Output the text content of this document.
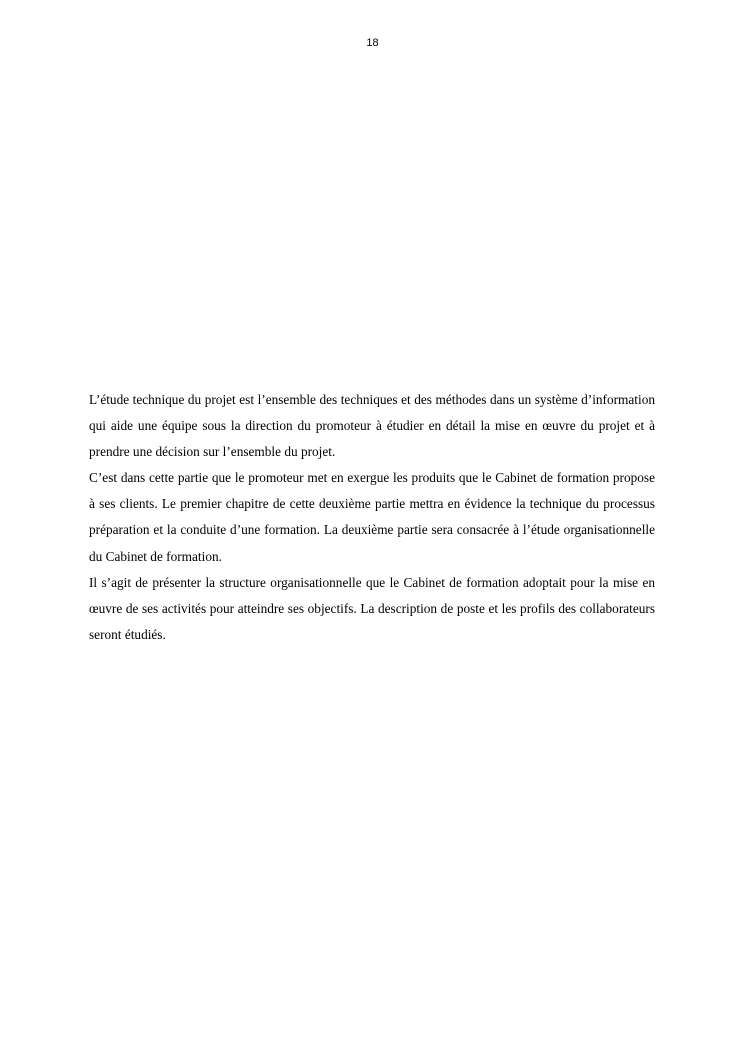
18

L’étude technique du projet est l’ensemble des techniques et des méthodes dans un système d’information qui aide une équipe sous la direction du promoteur à étudier en détail la mise en œuvre du projet et à prendre une décision sur l’ensemble du projet.

C’est dans cette partie que le promoteur met en exergue les produits que le Cabinet de formation propose à ses clients. Le premier chapitre de cette deuxième partie mettra en évidence la technique du processus préparation et la conduite d’une formation. La deuxième partie sera consacrée à l’étude organisationnelle du Cabinet de formation.

Il s’agit de présenter la structure organisationnelle que le Cabinet de formation adoptait pour la mise en œuvre de ses activités pour atteindre ses objectifs. La description de poste et les profils des collaborateurs seront étudiés.
